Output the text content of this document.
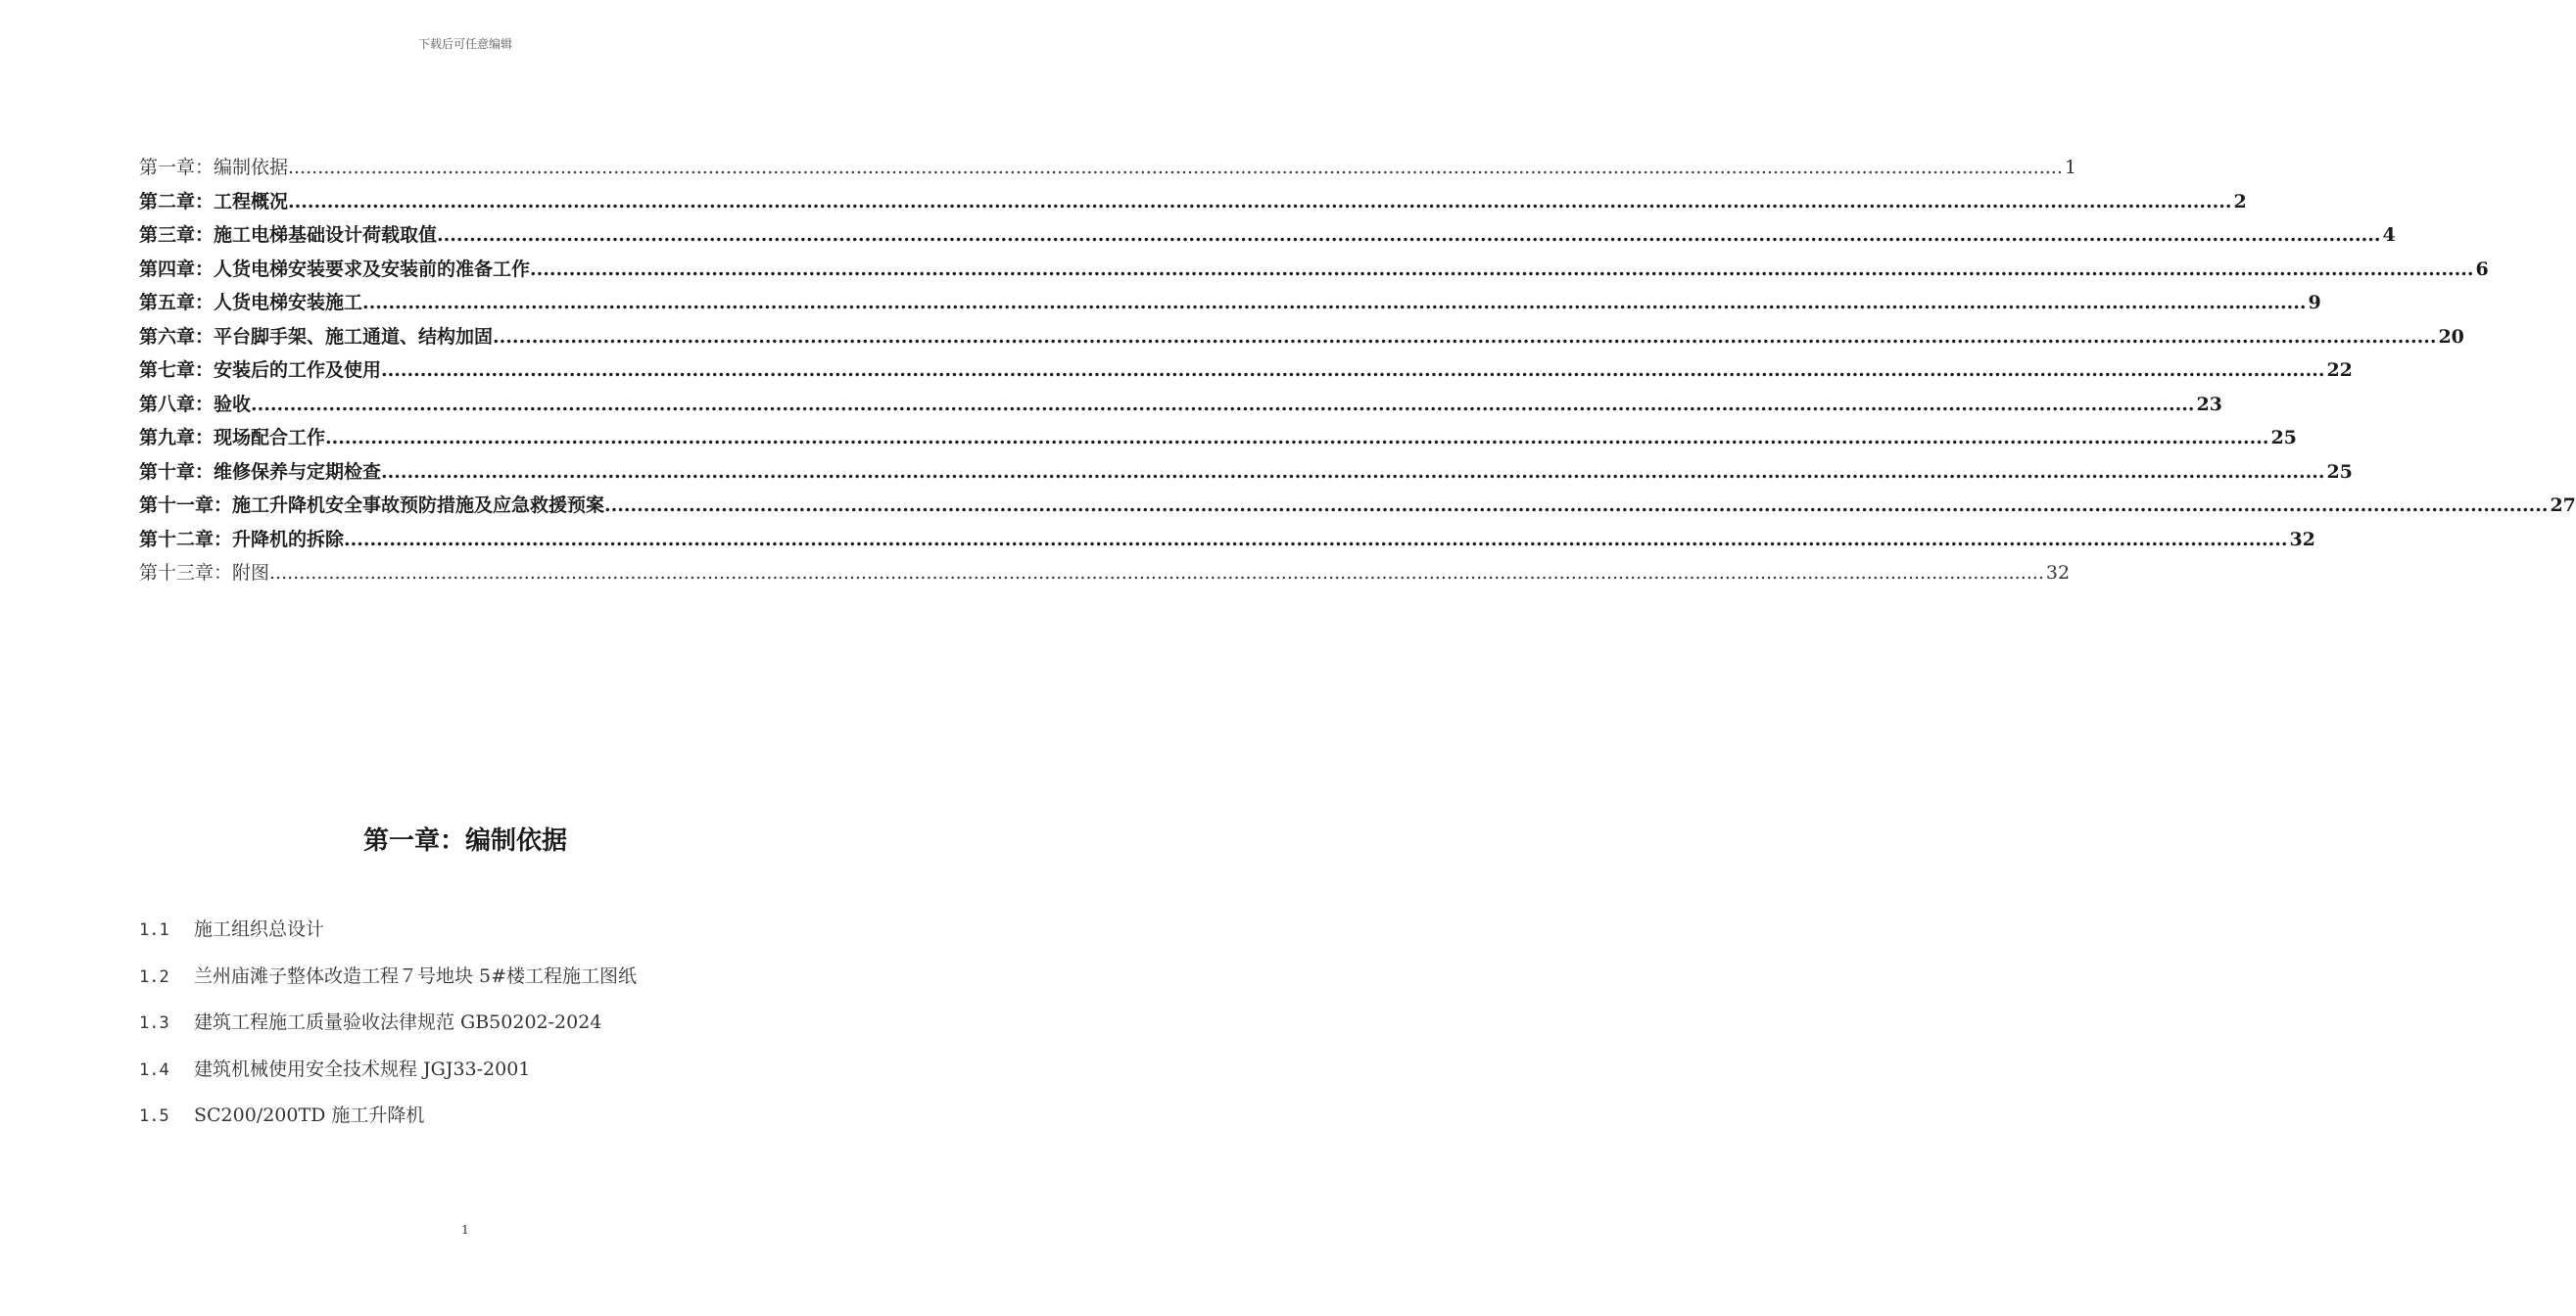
下载后可任意编辑
第一章：编制依据 ............................................................................................................................................................................................................................................................................................................ 1
第二章：工程概况 ............................................................................................................................................................................................................................................................................................................ 2
第三章：施工电梯基础设计荷载取值 ............................................................................................................................................................................................................................................................................................................ 4
第四章：人货电梯安装要求及安装前的准备工作 ............................................................................................................................................................................................................................................................................................................ 6
第五章：人货电梯安装施工 ............................................................................................................................................................................................................................................................................................................ 9
第六章：平台脚手架、施工通道、结构加固 ............................................................................................................................................................................................................................................................................................................ 20
第七章：安装后的工作及使用 ............................................................................................................................................................................................................................................................................................................ 22
第八章：验收 ............................................................................................................................................................................................................................................................................................................ 23
第九章：现场配合工作 ............................................................................................................................................................................................................................................................................................................ 25
第十章：维修保养与定期检查 ............................................................................................................................................................................................................................................................................................................ 25
第十一章：施工升降机安全事故预防措施及应急救援预案 ............................................................................................................................................................................................................................................................................................................ 27
第十二章：升降机的拆除 ............................................................................................................................................................................................................................................................................................................ 32
第十三章：附图 ............................................................................................................................................................................................................................................................................................................ 32
第一章：编制依据
1.1	施工组织总设计
1.2	兰州庙滩子整体改造工程７号地块 5#楼工程施工图纸
1.3	建筑工程施工质量验收法律规范 GB50202-2024
1.4	建筑机械使用安全技术规程 JGJ33-2001
1.5	SC200/200TD 施工升降机
1
